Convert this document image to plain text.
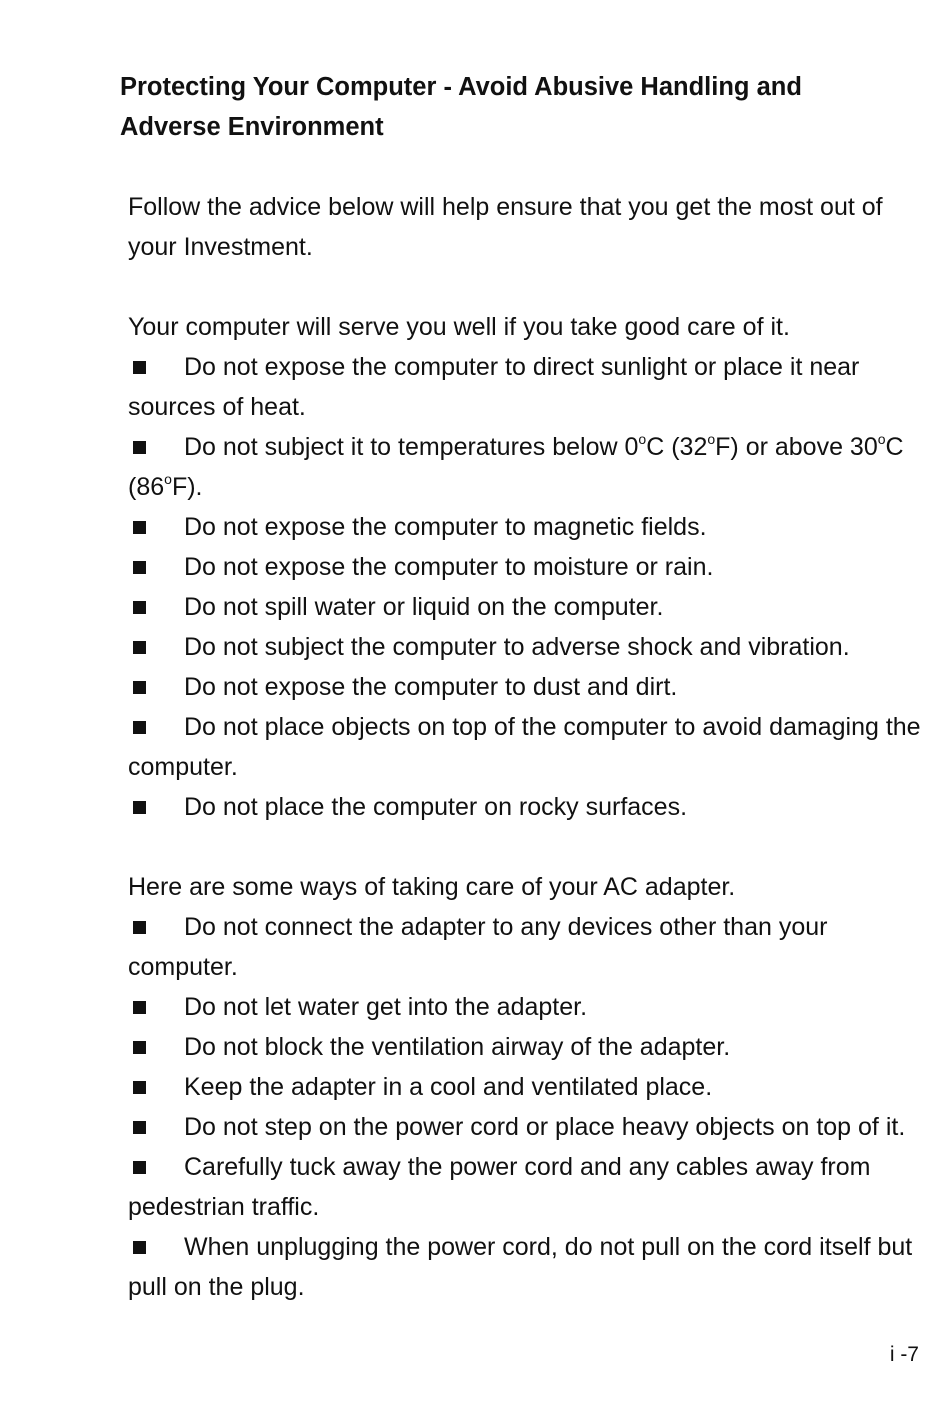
Protecting Your Computer - Avoid Abusive Handling and
Adverse Environment

Follow the advice below will help ensure that you get the most out of your Investment.

Your computer will serve you well if you take good care of it.

Do not expose the computer to direct sunlight or place it near sources of heat.

Do not subject it to temperatures below 0$^o$C (32$^o$F) or above 30$^o$C (86$^o$F).

Do not expose the computer to magnetic fields.

Do not expose the computer to moisture or rain.

Do not spill water or liquid on the computer.

Do not subject the computer to adverse shock and vibration.

Do not expose the computer to dust and dirt.

Do not place objects on top of the computer to avoid damaging the computer.

Do not place the computer on rocky surfaces.

Here are some ways of taking care of your AC adapter.

Do not connect the adapter to any devices other than your computer.

Do not let water get into the adapter.

Do not block the ventilation airway of the adapter.

Keep the adapter in a cool and ventilated place.

Do not step on the power cord or place heavy objects on top of it.

Carefully tuck away the power cord and any cables away from pedestrian traffic.

When unplugging the power cord, do not pull on the cord itself but pull on the plug.

i -7
